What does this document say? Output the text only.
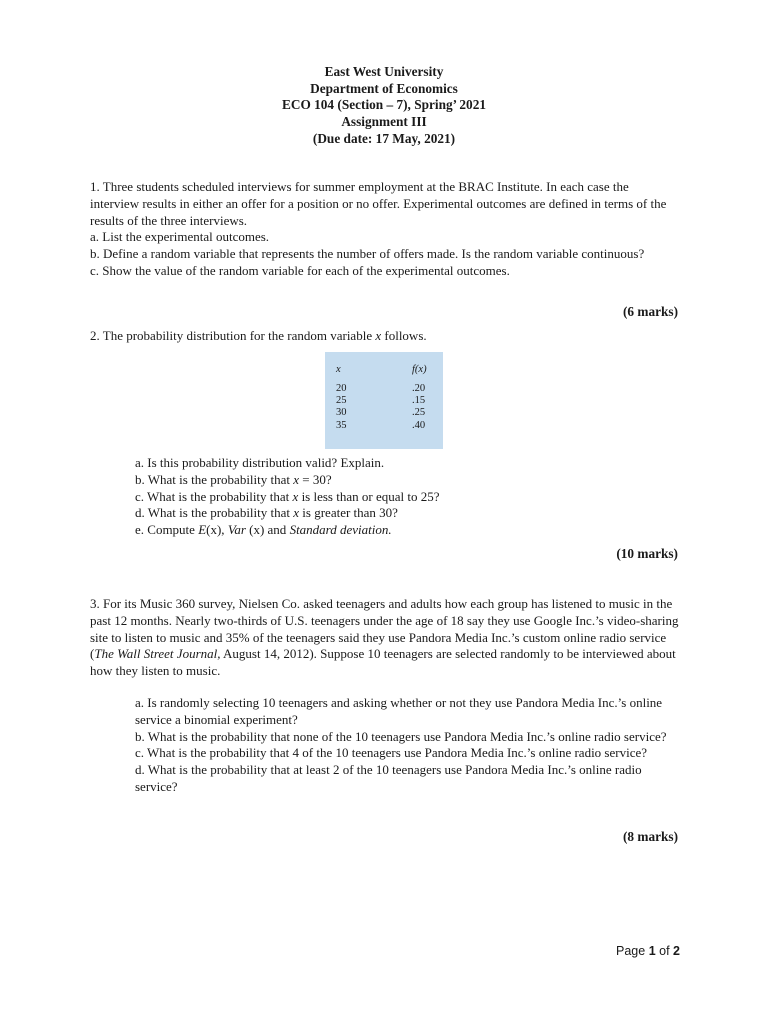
East West University
Department of Economics
ECO 104 (Section – 7), Spring’ 2021
Assignment III
(Due date: 17 May, 2021)

1. Three students scheduled interviews for summer employment at the BRAC Institute. In each case the interview results in either an offer for a position or no offer. Experimental outcomes are defined in terms of the results of the three interviews.

a. List the experimental outcomes.

b. Define a random variable that represents the number of offers made. Is the random variable continuous?

c. Show the value of the random variable for each of the experimental outcomes.

(6 marks)

2. The probability distribution for the random variable x follows.

x	f(x)
20	.20
25	.15
30	.25
35	.40

a. Is this probability distribution valid? Explain.

b. What is the probability that x = 30?

c. What is the probability that x is less than or equal to 25?

d. What is the probability that x is greater than 30?

e. Compute E(x), Var (x) and Standard deviation.

(10 marks)

3. For its Music 360 survey, Nielsen Co. asked teenagers and adults how each group has listened to music in the past 12 months. Nearly two-thirds of U.S. teenagers under the age of 18 say they use Google Inc.’s video-sharing site to listen to music and 35% of the teenagers said they use Pandora Media Inc.’s custom online radio service (The Wall Street Journal, August 14, 2012). Suppose 10 teenagers are selected randomly to be interviewed about how they listen to music.

a. Is randomly selecting 10 teenagers and asking whether or not they use Pandora Media Inc.’s online service a binomial experiment?

b. What is the probability that none of the 10 teenagers use Pandora Media Inc.’s online radio service?

c. What is the probability that 4 of the 10 teenagers use Pandora Media Inc.’s online radio service?

d. What is the probability that at least 2 of the 10 teenagers use Pandora Media Inc.’s online radio service?

(8 marks)
Page 1 of 2
